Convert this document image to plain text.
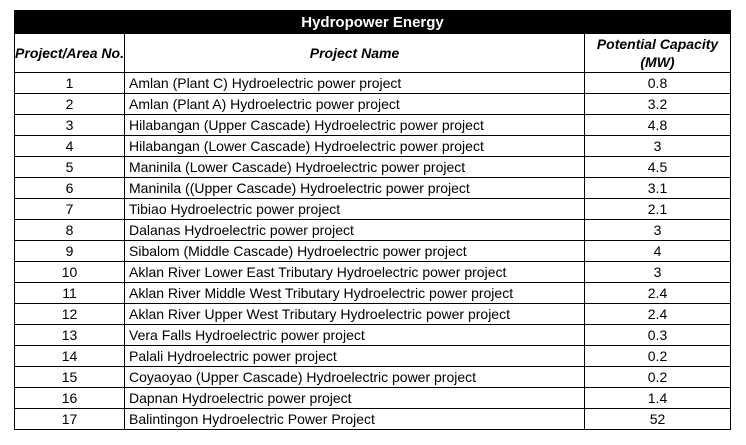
Hydropower Energy		
Project/Area No.	Project Name	Potential Capacity (MW)
1	Amlan (Plant C) Hydroelectric power project	0.8
2	Amlan (Plant A) Hydroelectric power project	3.2
3	Hilabangan (Upper Cascade) Hydroelectric power project	4.8
4	Hilabangan (Lower Cascade) Hydroelectric power project	3
5	Maninila (Lower Cascade) Hydroelectric power project	4.5
6	Maninila ((Upper Cascade) Hydroelectric power project	3.1
7	Tibiao Hydroelectric power project	2.1
8	Dalanas Hydroelectric power project	3
9	Sibalom (Middle Cascade) Hydroelectric power project	4
10	Aklan River Lower East Tributary Hydroelectric power project	3
11	Aklan River Middle West Tributary Hydroelectric power project	2.4
12	Aklan River Upper West Tributary Hydroelectric power project	2.4
13	Vera Falls Hydroelectric power project	0.3
14	Palali Hydroelectric power project	0.2
15	Coyaoyao (Upper Cascade) Hydroelectric power project	0.2
16	Dapnan Hydroelectric power project	1.4
17	Balintingon Hydroelectric Power Project	52
